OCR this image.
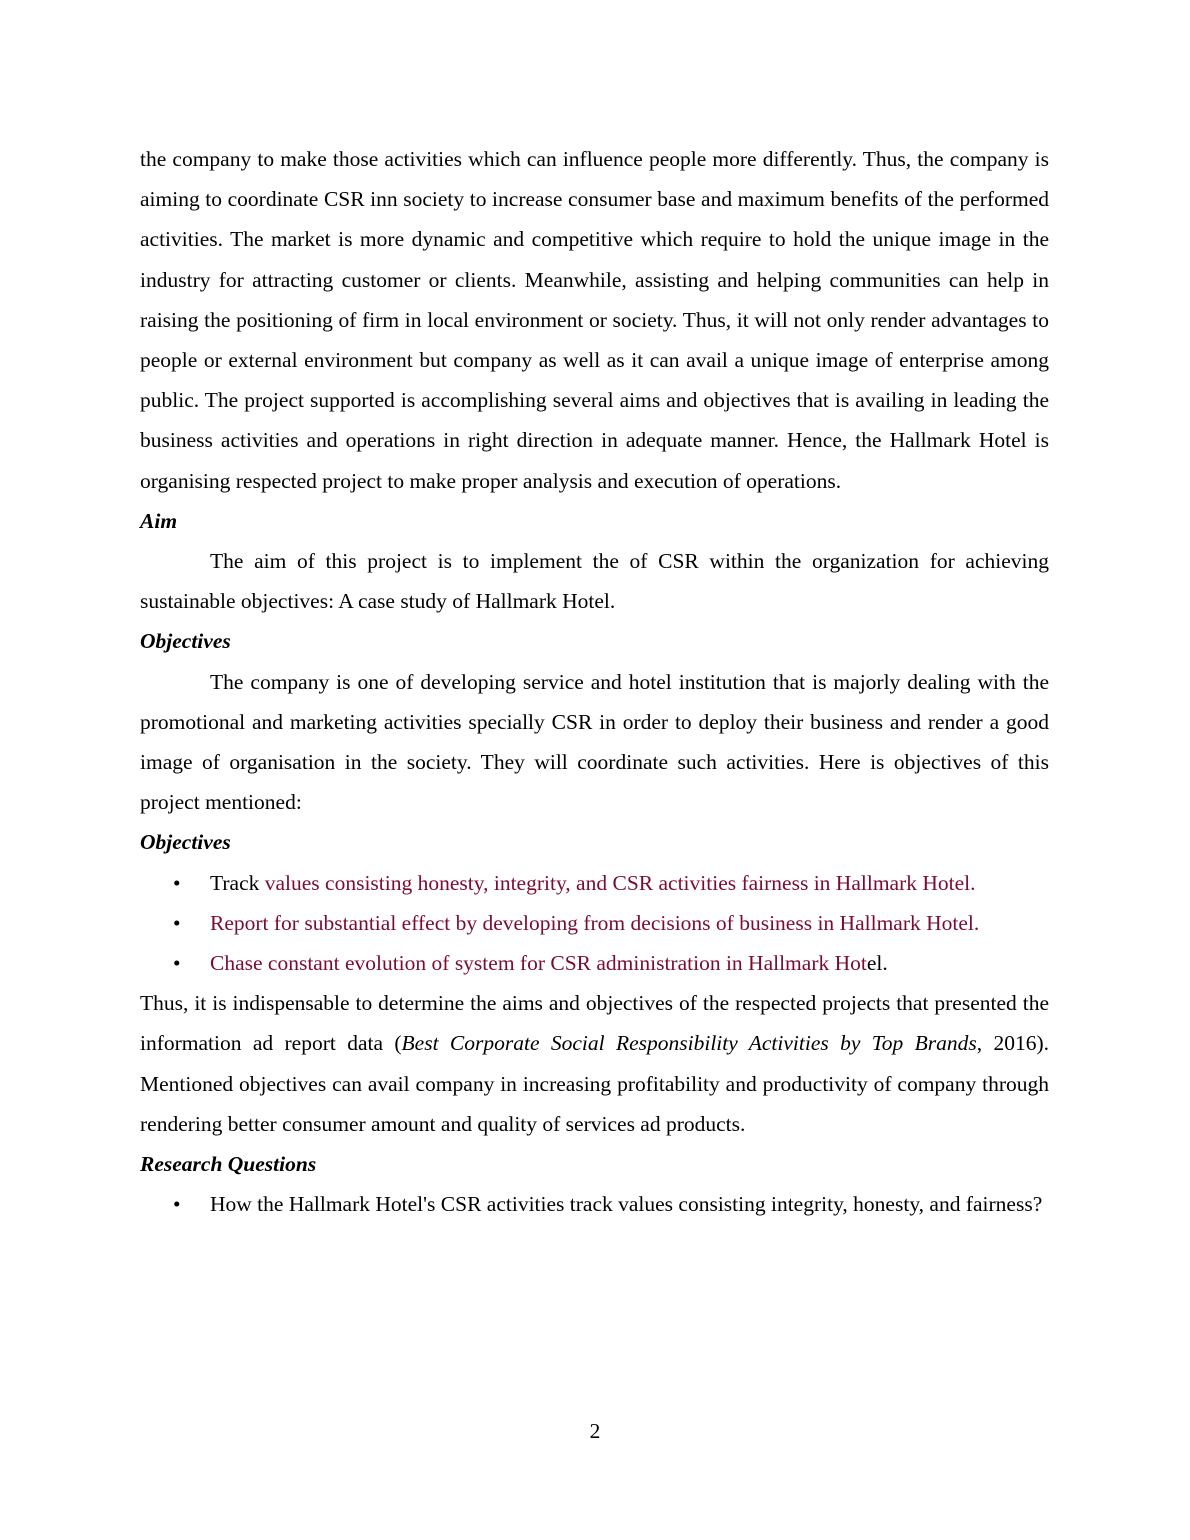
the company to make those activities which can influence people more differently. Thus, the company is aiming to coordinate CSR inn society to increase consumer base and maximum benefits of the performed activities. The market is more dynamic and competitive which require to hold the unique image in the industry for attracting customer or clients. Meanwhile, assisting and helping communities can help in raising the positioning of firm in local environment or society. Thus, it will not only render advantages to people or external environment but company as well as it can avail a unique image of enterprise among public. The project supported is accomplishing several aims and objectives that is availing in leading the business activities and operations in right direction in adequate manner. Hence, the Hallmark Hotel is organising respected project to make proper analysis and execution of operations.

Aim

The aim of this project is to implement the of CSR within the organization for achieving sustainable objectives: A case study of Hallmark Hotel.

Objectives

The company is one of developing service and hotel institution that is majorly dealing with the promotional and marketing activities specially CSR in order to deploy their business and render a good image of organisation in the society. They will coordinate such activities. Here is objectives of this project mentioned:

Objectives
• Track values consisting honesty, integrity, and CSR activities fairness in Hallmark Hotel.
• Report for substantial effect by developing from decisions of business in Hallmark Hotel.
• Chase constant evolution of system for CSR administration in Hallmark Hotel.

Thus, it is indispensable to determine the aims and objectives of the respected projects that presented the information ad report data (Best Corporate Social Responsibility Activities by Top Brands, 2016). Mentioned objectives can avail company in increasing profitability and productivity of company through rendering better consumer amount and quality of services ad products.

Research Questions
• How the Hallmark Hotel's CSR activities track values consisting integrity, honesty, and fairness?
2
